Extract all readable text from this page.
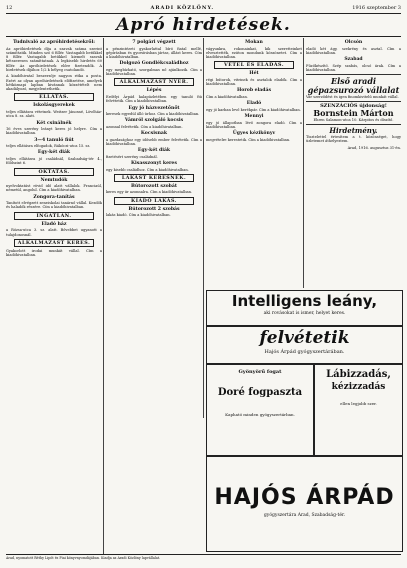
12	ARADI KÖZLÖNY.	1916 szeptember 3
Apró hirdetések.
Tudnivaló az apróhirdetésekről:

Az apróhirdetések díja a szavak száma szerint számíttatik. Minden szó 6 fillér. Vastagabb betűkkel 8 fillér. Vastagabb betűkkel kiemelt szavak kétszeresen számíttatnak. A legkisebb hirdetés 60 fillér. Az apróhirdetések előre fizetendők. A hirdetések díjához 1/2 k bélyeg csatolandó.

A kiadóhivatal beszerzője nagyon ritka a posta. Ezért az olyan apróhirdetések előfizetése, amelyek hétköznapi lapban kivánnak közzétételt nem akadályozó, megjelentethetik.

ELLÁTÁS.
Iskolásgyerekek

teljes ellátásra vétetnek. Weitzer Jánosné, Lövőház-utca 8. sz. alatt.

Két csinálnék

16 éves szerény leányt keres jó helyre. Cím a kiadóhivatalban.

3—4 tanuló fiút

teljes ellátásra elfogadok, Rákóczi-utca 15. sz.

Egy-két diák

teljes ellátásra jó családnál, Szabadság-tér 4., földszint 6.

OKTATÁS.
Nemtudók

nyelvoktatást rövid idő alatt vállalok. Franciaúl, németül, angolul. Cím a kiadóhivatalban.

Zongora-tanítás

Tanított elvégzett zeneiskolai tanárnő vállal. Kezdők és haladók részére. Cím a kiadóhivatalban.

INGATLAN.
Eladó ház

a Rózsa-utca 3. sz. alatt. Bővebbet ugyanott a tulajdonosnál.

ALKALMAZÁST KERES.

Gyakorlott irodai munkát vállal. Cím a kiadóhivatalban.

7 polgári végzett

a pénzintézeti gyakorlattal bíró fiatal mellé, gépírásban és gyorsírásban jártas, állást keres. Cím a kiadóhivatalban.

Dolgozó Gondlékcsaládhoz

egy megbízható, szorgalmas nő ajánlkozik. Cím a kiadóhivatalban.

ALKALMAZAST NYER.
Lépés

Erdélyi Árpád kalapüzletében egy tanuló fiú felvétetik. Cím a kiadóhivatalban.

Egy jó házvezetőnőt

keresek egyedül álló úrhoz. Cím a kiadóhivatalban.

Vámról szolgáló kocsis

azonnal felvétetik. Cím a kiadóhivatalban.

Kocsisnak

a gazdasághoz egy idősebb ember felvétetik. Cím a kiadóhivatalban.

Egy-két diák

fizetésért szerény családnál.

Kisasszonyt keres

egy kisebb családhoz. Cím a kiadóhivatalban.

LAKÁST KERESNEK.
Bútorozott szobát

keres egy úr azonnalra. Cím a kiadóhivatalban.

KIADÓ LAKÁS.
Bútorozott 2 szobás

lakás kiadó. Cím a kiadóhivatalban.

Mokan

vágyunkra, rokonainkat, kik szeretteinket elvesztették, ezúton mondunk köszönetet. Cím a kiadóhivatalban.

VÉTEL ÉS ELADÁS.
Hét

régi bútorok, vitrinek és asztalok eladók. Cím a kiadóhivatalban.

Horob eladás

Cím a kiadóhivatalban.

Eladó

egy jó karban levő kerékpár. Cím a kiadóhivatalban.

Mennyi

egy jó állapotban lévő zongora eladó. Cím a kiadóhivatalban.

Ügyes kézikönyv

megvételre kerestetik. Cím a kiadóhivatalban.

Olcsón

eladó két ágy, szekrény és asztal. Cím a kiadóhivatalban.

Szabad

Fűzőkészítő. Szép szabás, olcsó árak. Cím a kiadóhivatalban.

Első aradi gépazsurozó vállalat

Vár szerződést és igen finomkivitelű munkát vállal.

SZENZÁCIÓS újdonság!
Bornstein Márton

Ehren Salamon-utca 10. Kárpitos és díszítő.

Hirdetmény.

Tisztelettel értesítem a t. közönséget, hogy üzletemet áthelyeztem.

Arad, 1916. augusztus 31-én.

Intelligens leány,
aki rovásokat is ismer, helyet keres.
felvétetik
Hajós Árpád gyógyszertárában.
Gyönyörű fogat
Doré fogpaszta
Kapható minden gyógyszertárban.
Lábizzadás,
kézizzadás
ellen legjobb szer.
HAJÓS ÁRPÁD
gyógyszertára Arad, Szabadság-tér.
Arad, nyomatott Réthy Lipót és Fiai könyvnyomdájában. Kiadja az Aradi Közlöny lapvállalat.
